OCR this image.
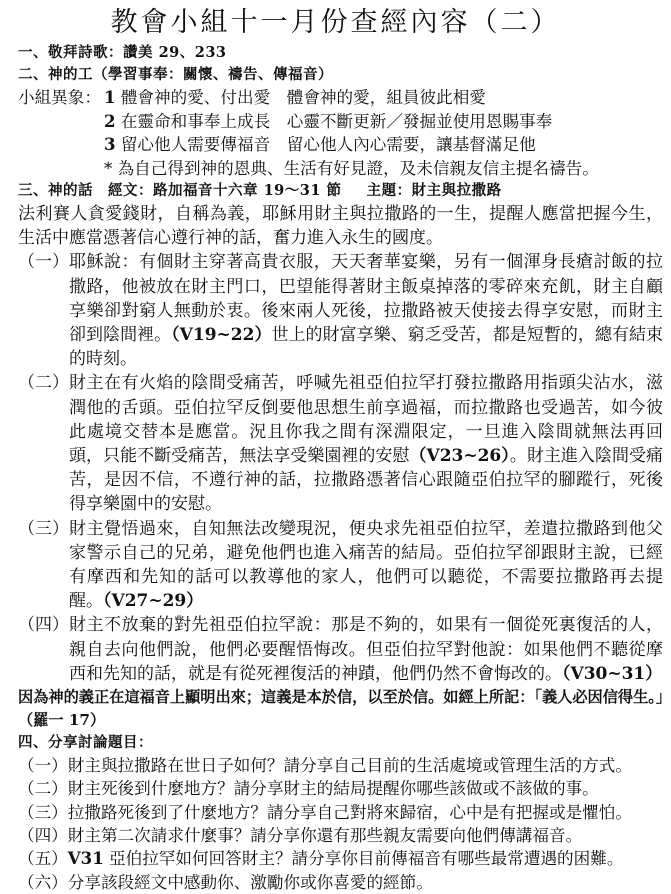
教會小組十一月份查經內容（二）
一、敬拜詩歌：讚美 29、233
二、神的工（學習事奉：關懷、禱告、傳福音）
小組異象： 1 體會神的愛、付出愛　體會神的愛，組員彼此相愛
2 在靈命和事奉上成長　心靈不斷更新／發掘並使用恩賜事奉
3 留心他人需要傳福音　留心他人內心需要，讓基督滿足他
* 為自己得到神的恩典、生活有好見證，及未信親友信主提名禱告。
三、神的話　經文：路加福音十六章 19～31 節 主題：財主與拉撒路
法利賽人貪愛錢財，自稱為義，耶穌用財主與拉撒路的一生，提醒人應當把握今生，生活中應當憑著信心遵行神的話，奮力進入永生的國度。
（一） 耶穌說：有個財主穿著高貴衣服，天天奢華宴樂，另有一個渾身長瘡討飯的拉撒路，他被放在財主門口，巴望能得著財主飯桌掉落的零碎來充飢，財主自顧享樂卻對窮人無動於衷。後來兩人死後，拉撒路被天使接去得享安慰，而財主卻到陰間裡。（V19~22）世上的財富享樂、窮乏受苦，都是短暫的，總有結束的時刻。
（二） 財主在有火焰的陰間受痛苦，呼喊先祖亞伯拉罕打發拉撒路用指頭尖沾水，滋潤他的舌頭。亞伯拉罕反倒要他思想生前享過福，而拉撒路也受過苦，如今彼此處境交替本是應當。況且你我之間有深淵限定，一旦進入陰間就無法再回頭，只能不斷受痛苦，無法享受樂園裡的安慰（V23~26）。財主進入陰間受痛苦，是因不信，不遵行神的話，拉撒路憑著信心跟隨亞伯拉罕的腳蹤行，死後得享樂園中的安慰。
（三） 財主覺悟過來，自知無法改變現況，便央求先祖亞伯拉罕，差遣拉撒路到他父家警示自己的兄弟，避免他們也進入痛苦的結局。亞伯拉罕卻跟財主說，已經有摩西和先知的話可以教導他的家人，他們可以聽從，不需要拉撒路再去提醒。（V27~29）
（四） 財主不放棄的對先祖亞伯拉罕說：那是不夠的，如果有一個從死裏復活的人，親自去向他們說，他們必要醒悟悔改。但亞伯拉罕對他說：如果他們不聽從摩西和先知的話，就是有從死裡復活的神蹟，他們仍然不會悔改的。（V30~31）
因為神的義正在這福音上顯明出來；這義是本於信，以至於信。如經上所記：「義人必因信得生。」（羅一 17）
四、分享討論題目：
（一）財主與拉撒路在世日子如何？請分享自己目前的生活處境或管理生活的方式。
（二）財主死後到什麼地方？請分享財主的結局提醒你哪些該做或不該做的事。
（三）拉撒路死後到了什麼地方？請分享自己對將來歸宿，心中是有把握或是懼怕。
（四）財主第二次請求什麼事？請分享你還有那些親友需要向他們傳講福音。
（五）V31 亞伯拉罕如何回答財主？請分享你目前傳福音有哪些最常遭遇的困難。
（六）分享該段經文中感動你、激勵你或你喜愛的經節。
